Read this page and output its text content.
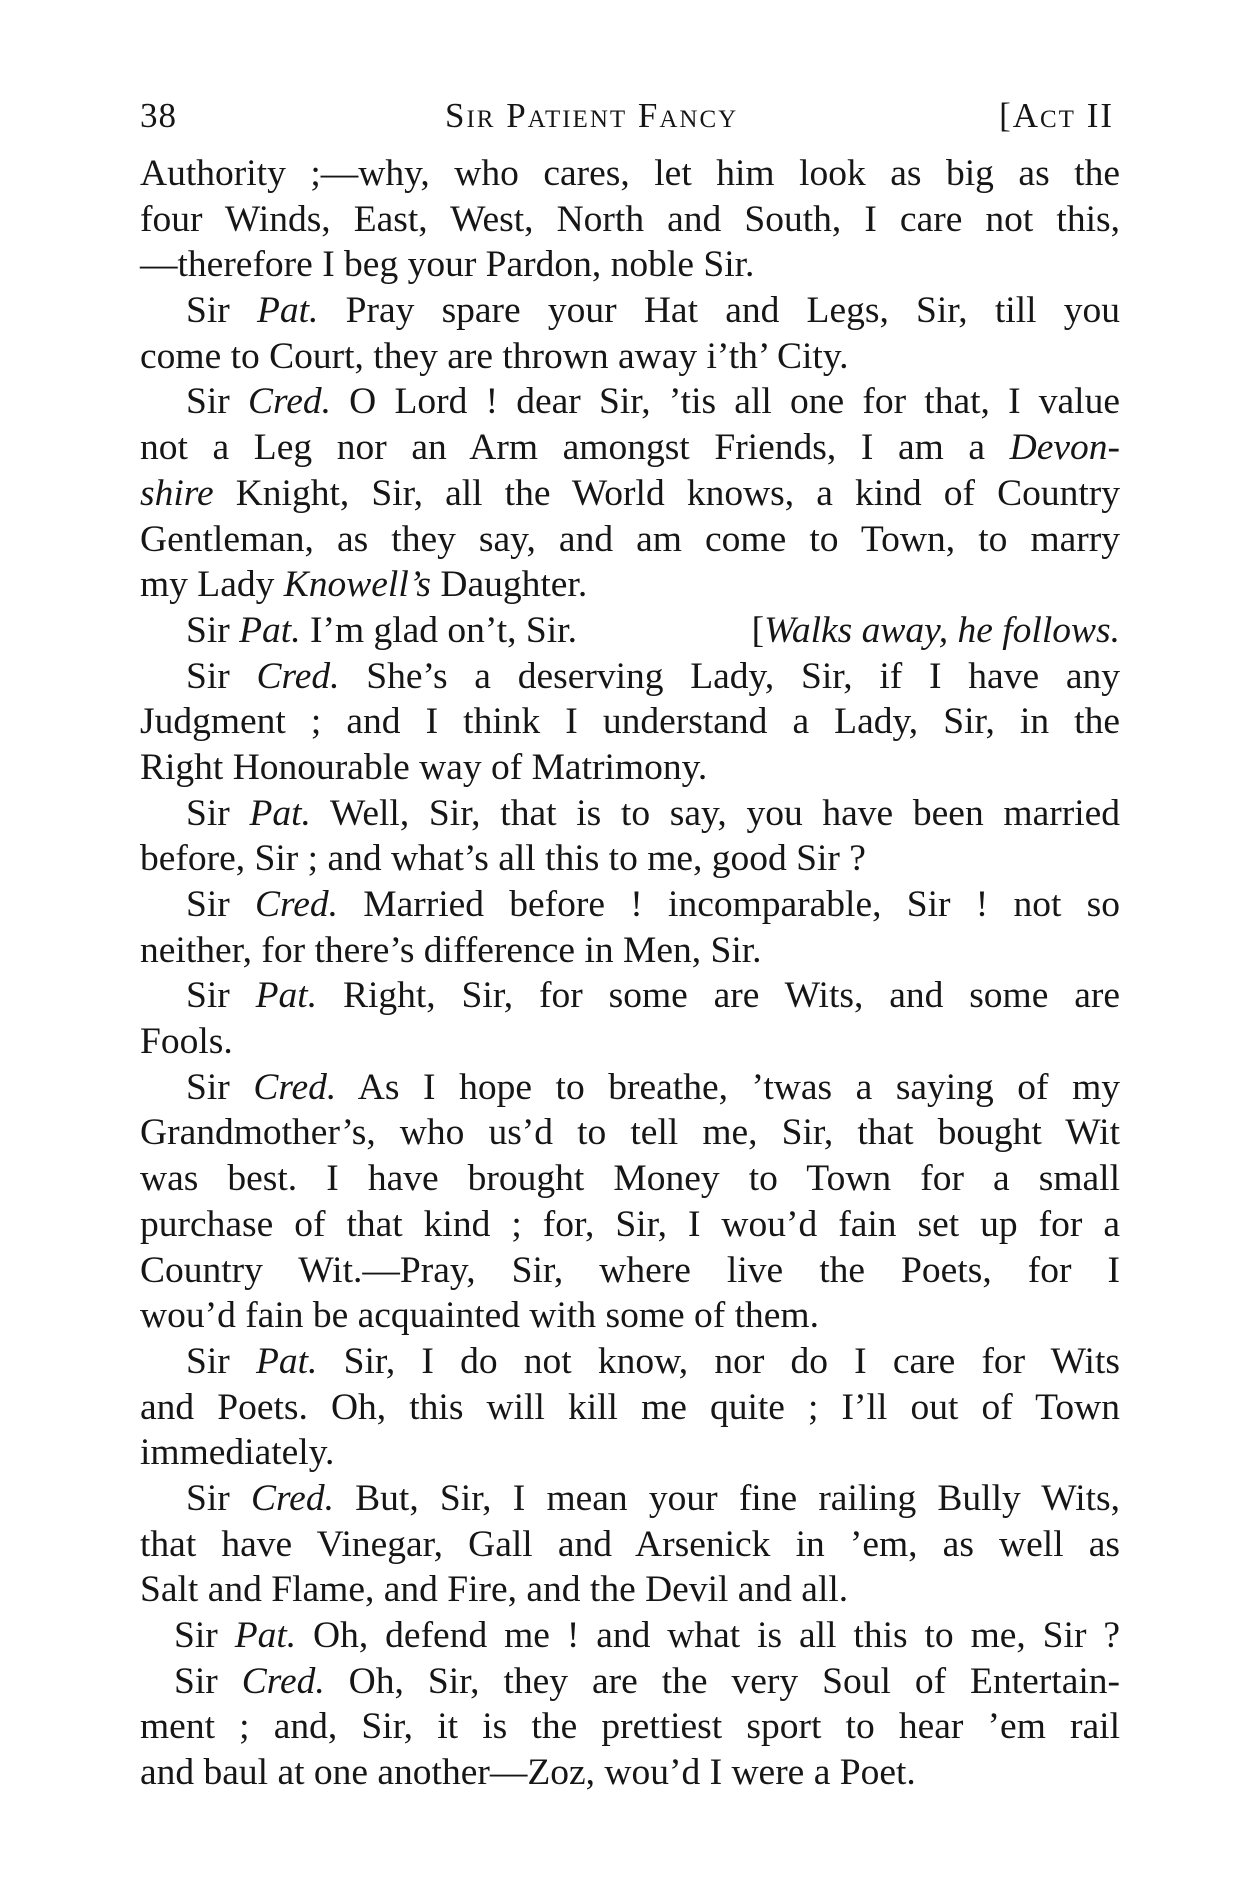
38	Sir Patient Fancy	[Act II
Authority ;—why, who cares, let him look as big as the
four Winds, East, West, North and South, I care not this,
—therefore I beg your Pardon, noble Sir.
Sir Pat. Pray spare your Hat and Legs, Sir, till you
come to Court, they are thrown away i’th’ City.
Sir Cred. O Lord ! dear Sir, ’tis all one for that, I value
not a Leg nor an Arm amongst Friends, I am a Devon-
shire Knight, Sir, all the World knows, a kind of Country
Gentleman, as they say, and am come to Town, to marry
my Lady Knowell’s Daughter.
Sir Pat. I’m glad on’t, Sir.	[Walks away, he follows.
Sir Cred. She’s a deserving Lady, Sir, if I have any
Judgment ; and I think I understand a Lady, Sir, in the
Right Honourable way of Matrimony.
Sir Pat. Well, Sir, that is to say, you have been married
before, Sir ; and what’s all this to me, good Sir ?
Sir Cred. Married before ! incomparable, Sir ! not so
neither, for there’s difference in Men, Sir.
Sir Pat. Right, Sir, for some are Wits, and some are
Fools.
Sir Cred. As I hope to breathe, ’twas a saying of my
Grandmother’s, who us’d to tell me, Sir, that bought Wit
was best. I have brought Money to Town for a small
purchase of that kind ; for, Sir, I wou’d fain set up for a
Country Wit.—Pray, Sir, where live the Poets, for I
wou’d fain be acquainted with some of them.
Sir Pat. Sir, I do not know, nor do I care for Wits
and Poets. Oh, this will kill me quite ; I’ll out of Town
immediately.
Sir Cred. But, Sir, I mean your fine railing Bully Wits,
that have Vinegar, Gall and Arsenick in ’em, as well as
Salt and Flame, and Fire, and the Devil and all.
Sir Pat. Oh, defend me ! and what is all this to me, Sir ?
Sir Cred. Oh, Sir, they are the very Soul of Entertain-
ment ; and, Sir, it is the prettiest sport to hear ’em rail
and baul at one another—Zoz, wou’d I were a Poet.
